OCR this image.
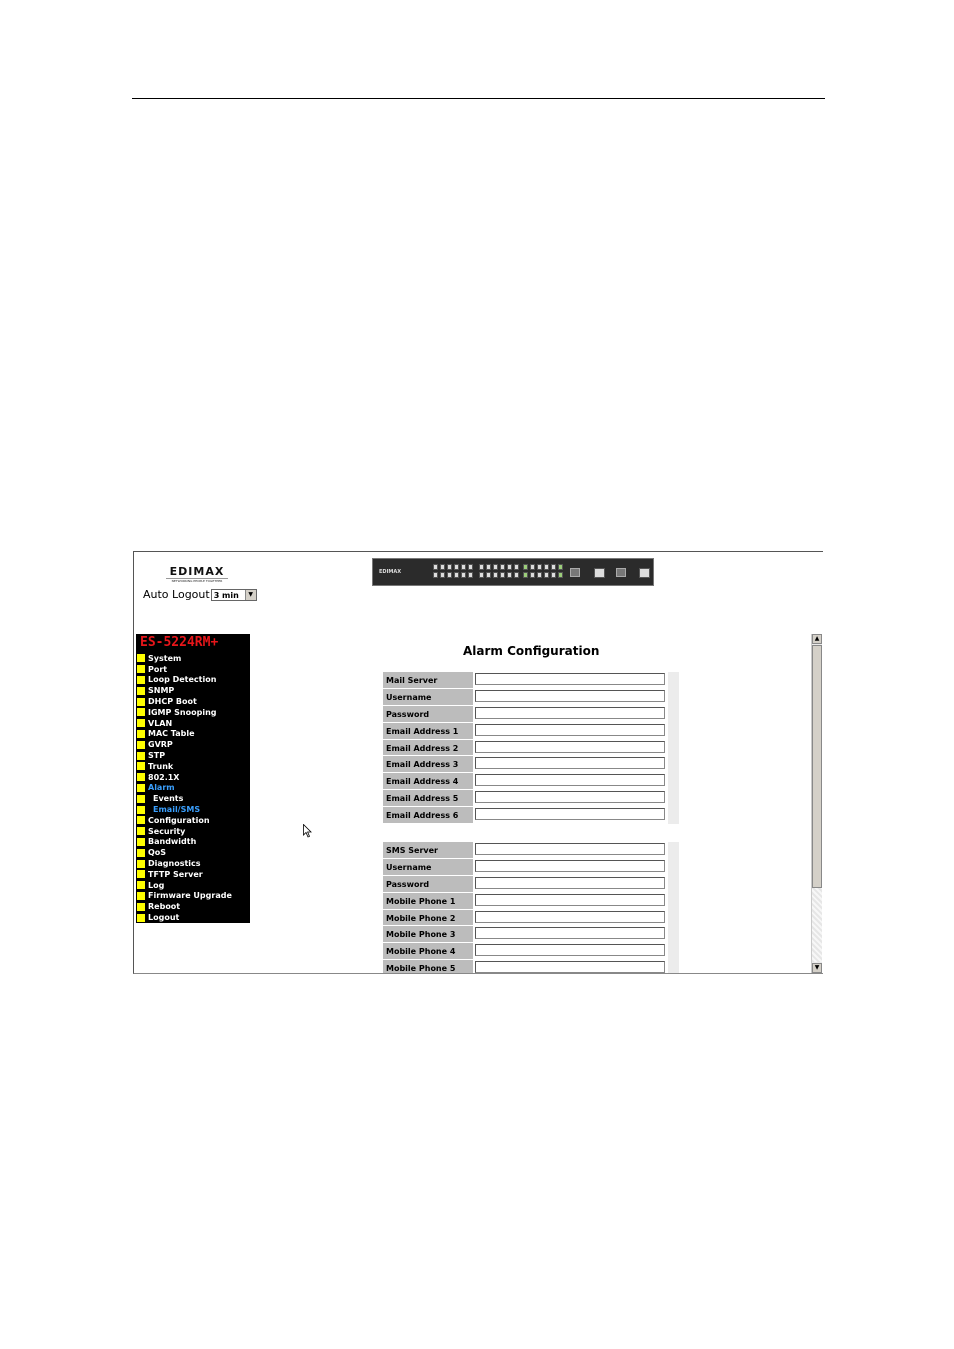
EDIMAX
NETWORKING PEOPLE TOGETHER
Auto Logout 3 min	▼
EDIMAX
ES-5224RM+
System
Port
Loop Detection
SNMP
DHCP Boot
IGMP Snooping
VLAN
MAC Table
GVRP
STP
Trunk
802.1X
Alarm
Events
Email/SMS
Configuration
Security
Bandwidth
QoS
Diagnostics
TFTP Server
Log
Firmware Upgrade
Reboot
Logout
Alarm Configuration
Mail Server
Username
Password
Email Address 1
Email Address 2
Email Address 3
Email Address 4
Email Address 5
Email Address 6
SMS Server
Username
Password
Mobile Phone 1
Mobile Phone 2
Mobile Phone 3
Mobile Phone 4
Mobile Phone 5
▲
▼
